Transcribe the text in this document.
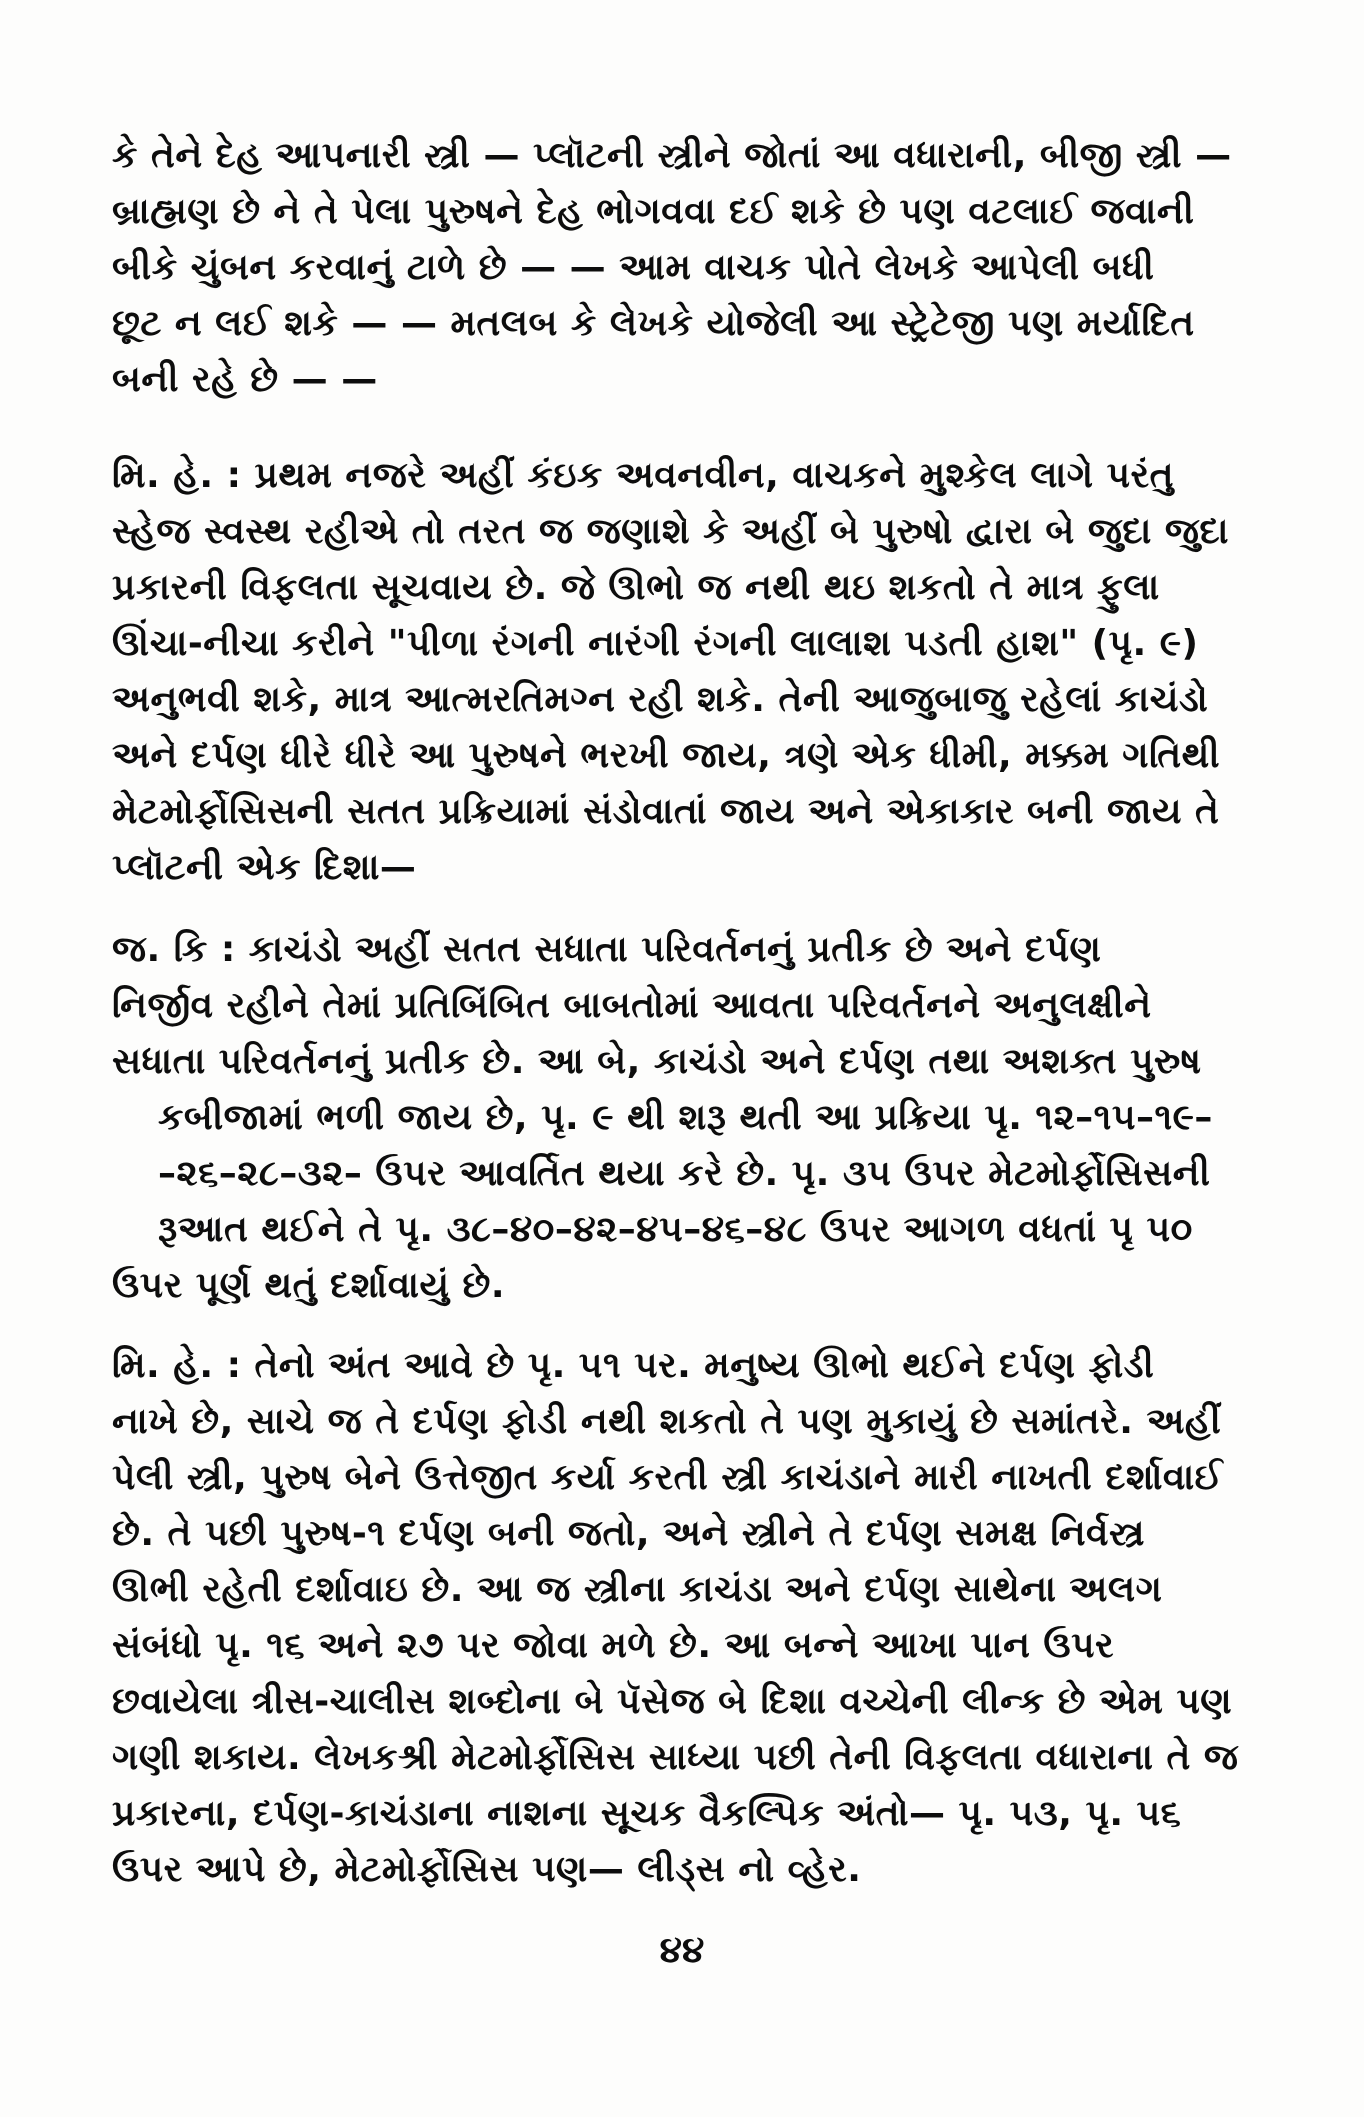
કે તેને દેહ આપનારી સ્ત્રી — પ્લૉટની સ્ત્રીને જોતાં આ વધારાની, બીજી સ્ત્રી —
બ્રાહ્મણ છે ને તે પેલા પુરુષને દેહ ભોગવવા દઈ શકે છે પણ વટલાઈ જવાની
બીકે ચુંબન કરવાનું ટાળે છે — — આમ વાચક પોતે લેખકે આપેલી બધી
છૂટ ન લઈ શકે — — મતલબ કે લેખકે યોજેલી આ સ્ટ્રેટેજી પણ મર્યાદિત
બની રહે છે — —
મિ. હે. : પ્રથમ નજરે અહીં કંઇક અવનવીન, વાચકને મુશ્કેલ લાગે પરંતુ
સ્હેજ સ્વસ્થ રહીએ તો તરત જ જણાશે કે અહીં બે પુરુષો દ્વારા બે જુદા જુદા
પ્રકારની વિફલતા સૂચવાય છે. જે ઊભો જ નથી થઇ શકતો તે માત્ર ફુલા
ઊંચા-નીચા કરીને "પીળા રંગની નારંગી રંગની લાલાશ પડતી હાશ" (પૃ. ૯)
અનુભવી શકે, માત્ર આત્મરતિમગ્ન રહી શકે. તેની આજુબાજુ રહેલાં કાચંડો
અને દર્પણ ધીરે ધીરે આ પુરુષને ભરખી જાય, ત્રણે એક ધીમી, મક્કમ ગતિથી
મેટમોર્ફોસિસની સતત પ્રક્રિયામાં સંડોવાતાં જાય અને એકાકાર બની જાય તે
પ્લૉટની એક દિશા—
જ. કિ : કાચંડો અહીં સતત સધાતા પરિવર્તનનું પ્રતીક છે અને દર્પણ
નિર્જીવ રહીને તેમાં પ્રતિબિંબિત બાબતોમાં આવતા પરિવર્તનને અનુલક્ષીને
સધાતા પરિવર્તનનું પ્રતીક છે. આ બે, કાચંડો અને દર્પણ તથા અશક્ત પુરુષ
કબીજામાં ભળી જાય છે, પૃ. ૯ થી શરૂ થતી આ પ્રક્રિયા પૃ. ૧૨–૧૫–૧૯–
–૨૬–૨૮–૩૨– ઉપર આવર્તિત થયા કરે છે. પૃ. ૩૫ ઉપર મેટમોર્ફોસિસની
રૂઆત થઈને તે પૃ. ૩૮–૪૦–૪૨–૪૫–૪૬–૪૮ ઉપર આગળ વધતાં પૃ ૫૦
ઉપર પૂર્ણ થતું દર્શાવાયું છે.
મિ. હે. : તેનો અંત આવે છે પૃ. ૫૧ પર. મનુષ્ય ઊભો થઈને દર્પણ ફોડી
નાખે છે, સાચે જ તે દર્પણ ફોડી નથી શકતો તે પણ મુકાયું છે સમાંતરે. અહીં
પેલી સ્ત્રી, પુરુષ બેને ઉત્તેજીત કર્યા કરતી સ્ત્રી કાચંડાને મારી નાખતી દર્શાવાઈ
છે. તે પછી પુરુષ-૧ દર્પણ બની જતો, અને સ્ત્રીને તે દર્પણ સમક્ષ નિર્વસ્ત્ર
ઊભી રહેતી દર્શાવાઇ છે. આ જ સ્ત્રીના કાચંડા અને દર્પણ સાથેના અલગ
સંબંધો પૃ. ૧૬ અને ૨૭ પર જોવા મળે છે. આ બન્ને આખા પાન ઉપર
છવાયેલા ત્રીસ-ચાલીસ શબ્દોના બે પૅસેજ બે દિશા વચ્ચેની લીન્ક છે એમ પણ
ગણી શકાય. લેખકશ્રી મેટમોર્ફોસિસ સાધ્યા પછી તેની વિફલતા વધારાના તે જ
પ્રકારના, દર્પણ-કાચંડાના નાશના સૂચક વૈકલ્પિક અંતો— પૃ. ૫૩, પૃ. ૫૬
ઉપર આપે છે, મેટમોર્ફોસિસ પણ— લીડ્સ નો વ્હેર.
૪૪
